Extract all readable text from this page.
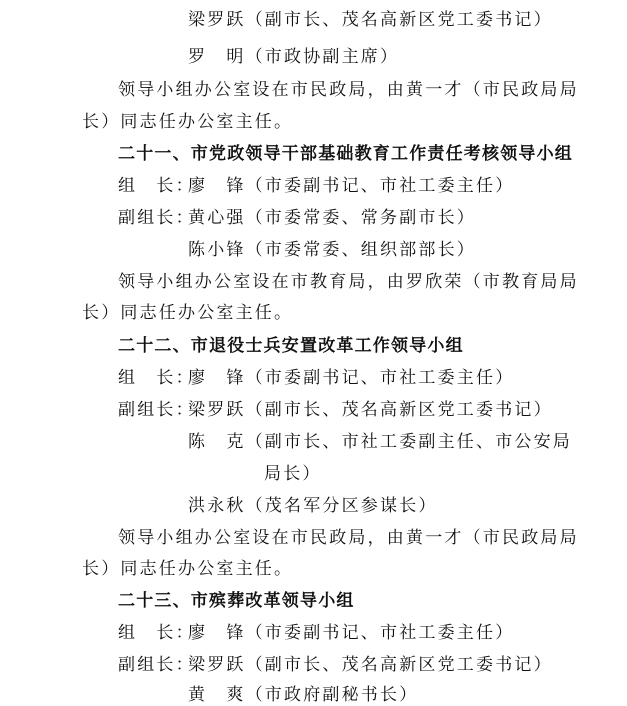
梁罗跃（副市长、茂名高新区党工委书记）
罗　明（市政协副主席）
领导小组办公室设在市民政局，由黄一才（市民政局局
长）同志任办公室主任。
二十一、市党政领导干部基础教育工作责任考核领导小组
组　长：廖　锋（市委副书记、市社工委主任）
副组长：黄心强（市委常委、常务副市长）
陈小锋（市委常委、组织部部长）
领导小组办公室设在市教育局，由罗欣荣（市教育局局
长）同志任办公室主任。
二十二、市退役士兵安置改革工作领导小组
组　长：廖　锋（市委副书记、市社工委主任）
副组长：梁罗跃（副市长、茂名高新区党工委书记）
陈　克（副市长、市社工委副主任、市公安局
局长）
洪永秋（茂名军分区参谋长）
领导小组办公室设在市民政局，由黄一才（市民政局局
长）同志任办公室主任。
二十三、市殡葬改革领导小组
组　长：廖　锋（市委副书记、市社工委主任）
副组长：梁罗跃（副市长、茂名高新区党工委书记）
黄　爽（市政府副秘书长）
